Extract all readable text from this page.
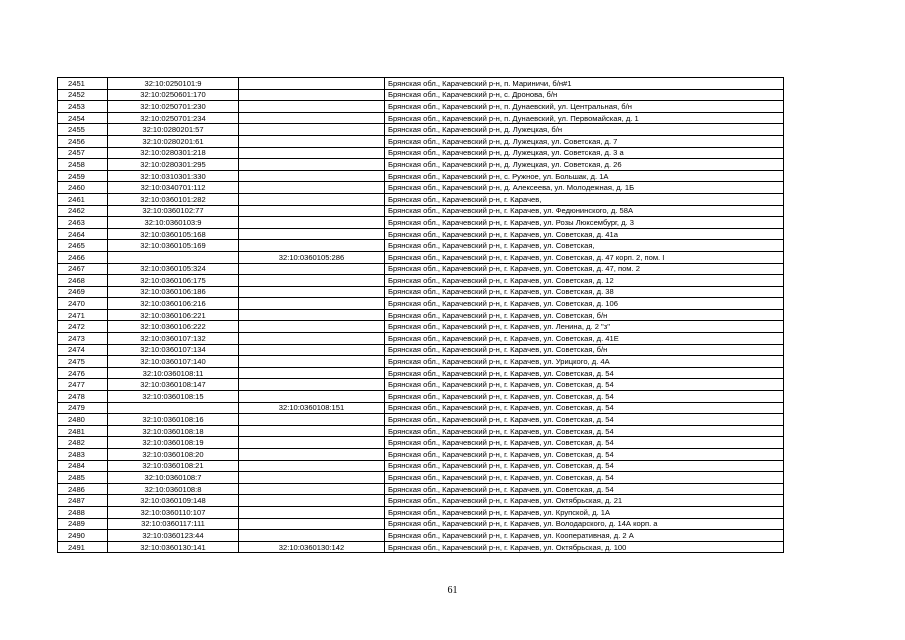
2451	32:10:0250101:9		Брянская обл., Карачевский р-н, п. Мариничи, б/н#1
2452	32:10:0250601:170		Брянская обл., Карачевский р-н, с. Дронова, б/н
2453	32:10:0250701:230		Брянская обл., Карачевский р-н, п. Дунаевский, ул. Центральная, б/н
2454	32:10:0250701:234		Брянская обл., Карачевский р-н, п. Дунаевский, ул. Первомайская, д. 1
2455	32:10:0280201:57		Брянская обл., Карачевский р-н, д. Лужецкая, б/н
2456	32:10:0280201:61		Брянская обл., Карачевский р-н, д. Лужецкая, ул. Советская, д. 7
2457	32:10:0280301:218		Брянская обл., Карачевский р-н, д. Лужецкая, ул. Советская, д. 3 а
2458	32:10:0280301:295		Брянская обл., Карачевский р-н, д. Лужецкая, ул. Советская, д. 26
2459	32:10:0310301:330		Брянская обл., Карачевский р-н, с. Ружное, ул. Большак, д. 1А
2460	32:10:0340701:112		Брянская обл., Карачевский р-н, д. Алексеева, ул. Молодежная, д. 1Б
2461	32:10:0360101:282		Брянская обл., Карачевский р-н, г. Карачев,
2462	32:10:0360102:77		Брянская обл., Карачевский р-н, г. Карачев, ул. Федюнинского, д. 58А
2463	32:10:0360103:9		Брянская обл., Карачевский р-н, г. Карачев, ул. Розы Люксембург, д. 3
2464	32:10:0360105:168		Брянская обл., Карачевский р-н, г. Карачев, ул. Советская, д. 41а
2465	32:10:0360105:169		Брянская обл., Карачевский р-н, г. Карачев, ул. Советская,
2466		32:10:0360105:286	Брянская обл., Карачевский р-н, г. Карачев, ул. Советская, д. 47 корп. 2, пом. I
2467	32:10:0360105:324		Брянская обл., Карачевский р-н, г. Карачев, ул. Советская, д. 47, пом. 2
2468	32:10:0360106:175		Брянская обл., Карачевский р-н, г. Карачев, ул. Советская, д. 12
2469	32:10:0360106:186		Брянская обл., Карачевский р-н, г. Карачев, ул. Советская, д. 38
2470	32:10:0360106:216		Брянская обл., Карачевский р-н, г. Карачев, ул. Советская, д. 106
2471	32:10:0360106:221		Брянская обл., Карачевский р-н, г. Карачев, ул. Советская, б/н
2472	32:10:0360106:222		Брянская обл., Карачевский р-н, г. Карачев, ул. Ленина, д. 2 "з"
2473	32:10:0360107:132		Брянская обл., Карачевский р-н, г. Карачев, ул. Советская, д. 41Е
2474	32:10:0360107:134		Брянская обл., Карачевский р-н, г. Карачев, ул. Советская, б/н
2475	32:10:0360107:140		Брянская обл., Карачевский р-н, г. Карачев, ул. Урицкого, д. 4А
2476	32:10:0360108:11		Брянская обл., Карачевский р-н, г. Карачев, ул. Советская, д. 54
2477	32:10:0360108:147		Брянская обл., Карачевский р-н, г. Карачев, ул. Советская, д. 54
2478	32:10:0360108:15		Брянская обл., Карачевский р-н, г. Карачев, ул. Советская, д. 54
2479		32:10:0360108:151	Брянская обл., Карачевский р-н, г. Карачев, ул. Советская, д. 54
2480	32:10:0360108:16		Брянская обл., Карачевский р-н, г. Карачев, ул. Советская, д. 54
2481	32:10:0360108:18		Брянская обл., Карачевский р-н, г. Карачев, ул. Советская, д. 54
2482	32:10:0360108:19		Брянская обл., Карачевский р-н, г. Карачев, ул. Советская, д. 54
2483	32:10:0360108:20		Брянская обл., Карачевский р-н, г. Карачев, ул. Советская, д. 54
2484	32:10:0360108:21		Брянская обл., Карачевский р-н, г. Карачев, ул. Советская, д. 54
2485	32:10:0360108:7		Брянская обл., Карачевский р-н, г. Карачев, ул. Советская, д. 54
2486	32:10:0360108:8		Брянская обл., Карачевский р-н, г. Карачев, ул. Советская, д. 54
2487	32:10:0360109:148		Брянская обл., Карачевский р-н, г. Карачев, ул. Октябрьская, д. 21
2488	32:10:0360110:107		Брянская обл., Карачевский р-н, г. Карачев, ул. Крупской, д. 1А
2489	32:10:0360117:111		Брянская обл., Карачевский р-н, г. Карачев, ул. Володарского, д. 14А корп. а
2490	32:10:0360123:44		Брянская обл., Карачевский р-н, г. Карачев, ул. Кооперативная, д. 2 А
2491	32:10:0360130:141	32:10:0360130:142	Брянская обл., Карачевский р-н, г. Карачев, ул. Октябрьская, д. 100
61
